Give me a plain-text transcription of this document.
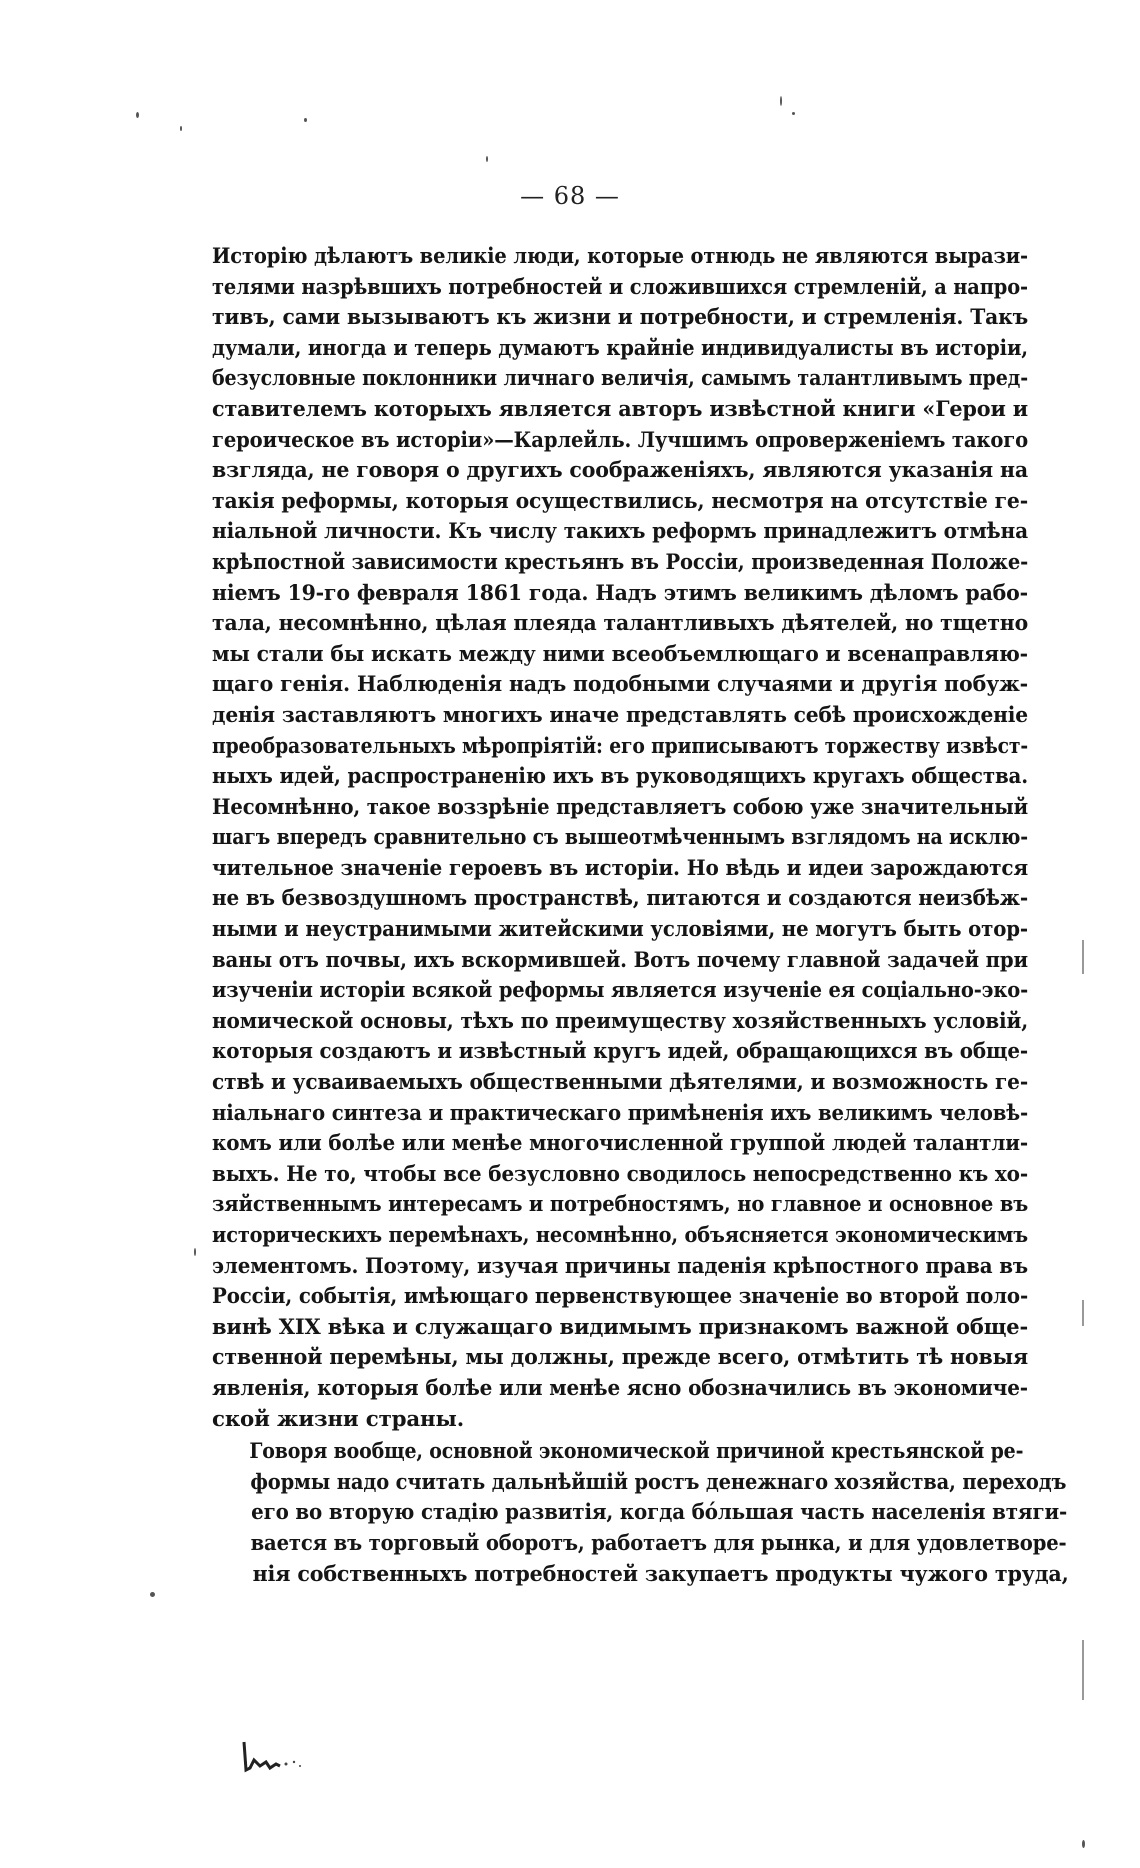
— 68 —

Исторію дѣлаютъ великіе люди, которые отнюдь не являются вырази-
телями назрѣвшихъ потребностей и сложившихся стремленій, а напро-
тивъ, сами вызываютъ къ жизни и потребности, и стремленія. Такъ
думали, иногда и теперь думаютъ крайніе индивидуалисты въ исторіи,
безусловные поклонники личнаго величія, самымъ талантливымъ пред-
ставителемъ которыхъ является авторъ извѣстной книги «Герои и
героическое въ исторіи»—Карлейль. Лучшимъ опроверженіемъ такого
взгляда, не говоря о другихъ соображеніяхъ, являются указанія на
такія реформы, которыя осуществились, несмотря на отсутствіе ге-
ніальной личности. Къ числу такихъ реформъ принадлежитъ отмѣна
крѣпостной зависимости крестьянъ въ Россіи, произведенная Положе-
ніемъ 19-го февраля 1861 года. Надъ этимъ великимъ дѣломъ рабо-
тала, несомнѣнно, цѣлая плеяда талантливыхъ дѣятелей, но тщетно
мы стали бы искать между ними всеобъемлющаго и всенаправляю-
щаго генія. Наблюденія надъ подобными случаями и другія побуж-
денія заставляютъ многихъ иначе представлять себѣ происхожденіе
преобразовательныхъ мѣропріятій: его приписываютъ торжеству извѣст-
ныхъ идей, распространенію ихъ въ руководящихъ кругахъ общества.
Несомнѣнно, такое воззрѣніе представляетъ собою уже значительный
шагъ впередъ сравнительно съ вышеотмѣченнымъ взглядомъ на исклю-
чительное значеніе героевъ въ исторіи. Но вѣдь и идеи зарождаются
не въ безвоздушномъ пространствѣ, питаются и создаются неизбѣж-
ными и неустранимыми житейскими условіями, не могутъ быть отор-
ваны отъ почвы, ихъ вскормившей. Вотъ почему главной задачей при
изученіи исторіи всякой реформы является изученіе ея соціально-эко-
номической основы, тѣхъ по преимуществу хозяйственныхъ условій,
которыя создаютъ и извѣстный кругъ идей, обращающихся въ обще-
ствѣ и усваиваемыхъ общественными дѣятелями, и возможность ге-
ніальнаго синтеза и практическаго примѣненія ихъ великимъ человѣ-
комъ или болѣе или менѣе многочисленной группой людей талантли-
выхъ. Не то, чтобы все безусловно сводилось непосредственно къ хо-
зяйственнымъ интересамъ и потребностямъ, но главное и основное въ
историческихъ перемѣнахъ, несомнѣнно, объясняется экономическимъ
элементомъ. Поэтому, изучая причины паденія крѣпостного права въ
Россіи, событія, имѣющаго первенствующее значеніе во второй поло-
винѣ XIX вѣка и служащаго видимымъ признакомъ важной обще-
ственной перемѣны, мы должны, прежде всего, отмѣтить тѣ новыя
явленія, которыя болѣе или менѣе ясно обозначились въ экономиче-
ской жизни страны.

Говоря вообще, основной экономической причиной крестьянской ре-
формы надо считать дальнѣйшій ростъ денежнаго хозяйства, переходъ
его во вторую стадію развитія, когда бо́льшая часть населенія втяги-
вается въ торговый оборотъ, работаетъ для рынка, и для удовлетворе-
нія собственныхъ потребностей закупаетъ продукты чужого труда,
